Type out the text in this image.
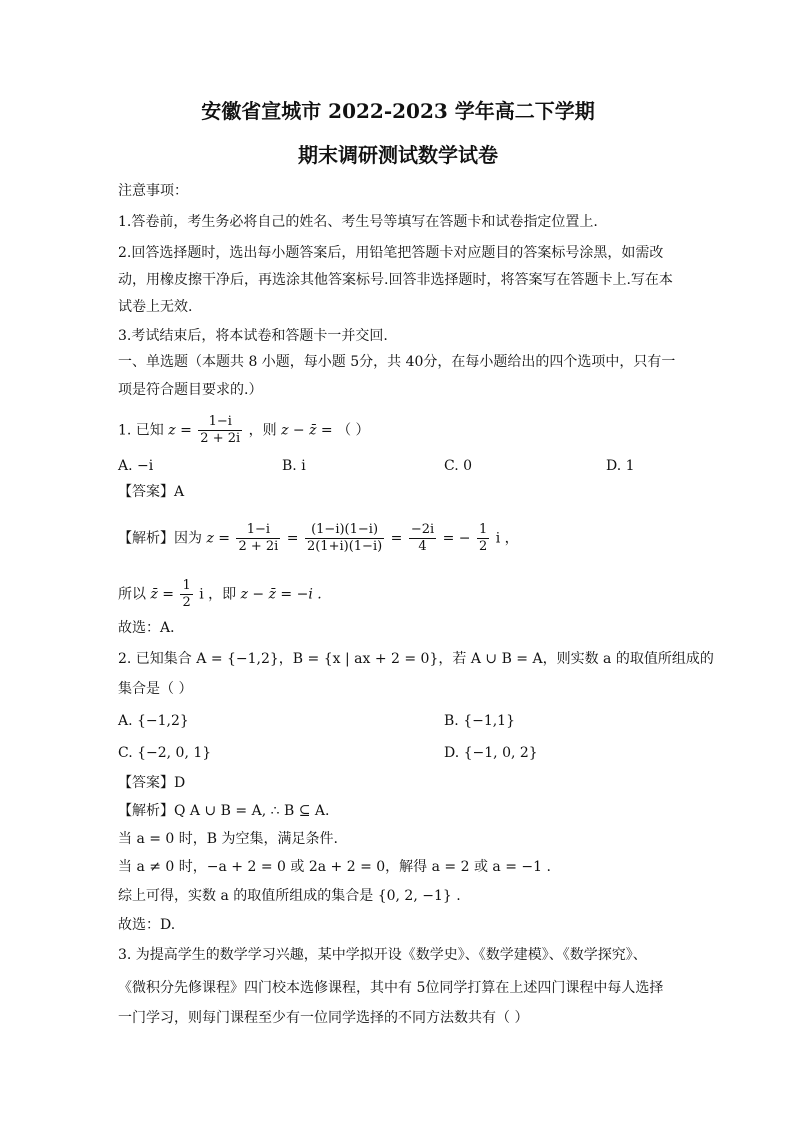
安徽省宣城市 2022-2023 学年高二下学期
期末调研测试数学试卷
注意事项：
1.答卷前，考生务必将自己的姓名、考生号等填写在答题卡和试卷指定位置上.
2.回答选择题时，选出每小题答案后，用铅笔把答题卡对应题目的答案标号涂黑，如需改
动，用橡皮擦干净后，再选涂其他答案标号.回答非选择题时，将答案写在答题卡上.写在本
试卷上无效.
3.考试结束后，将本试卷和答题卡一并交回.
一、单选题（本题共 8 小题，每小题 5分，共 40分，在每小题给出的四个选项中，只有一
项是符合题目要求的.）
1. 已知 $z = \frac{1-i}{2 + 2i}$ ，则 z − z̄ = （ ）
A. −i	B. i	C. 0	D. 1
【答案】A
【解析】因为 $z = \frac{1-i}{2 + 2i} = \frac{(1-i)(1-i)}{2(1+i)(1-i)} = \frac{-2i}{4}$ = − $\frac{1}{2}$ i ，
所以 z̄ = $\frac{1}{2}$ i ，即 z − z̄ = −i .
故选：A．
2. 已知集合 A = {−1,2}，B = {x | ax + 2 = 0}，若 A ∪ B = A，则实数 a 的取值所组成的
集合是（ ）
A. {−1,2}	B. {−1,1}
C. {−2, 0, 1}	D. {−1, 0, 2}
【答案】D
【解析】Q A ∪ B = A, ∴ B ⊆ A.
当 a = 0 时，B 为空集，满足条件.
当 a ≠ 0 时，−a + 2 = 0 或 2a + 2 = 0，解得 a = 2 或 a = −1 .
综上可得，实数 a 的取值所组成的集合是 {0, 2, −1} .
故选：D.
3. 为提高学生的数学学习兴趣，某中学拟开设《数学史》、《数学建模》、《数学探究》、
《微积分先修课程》四门校本选修课程，其中有 5位同学打算在上述四门课程中每人选择
一门学习，则每门课程至少有一位同学选择的不同方法数共有（ ）
